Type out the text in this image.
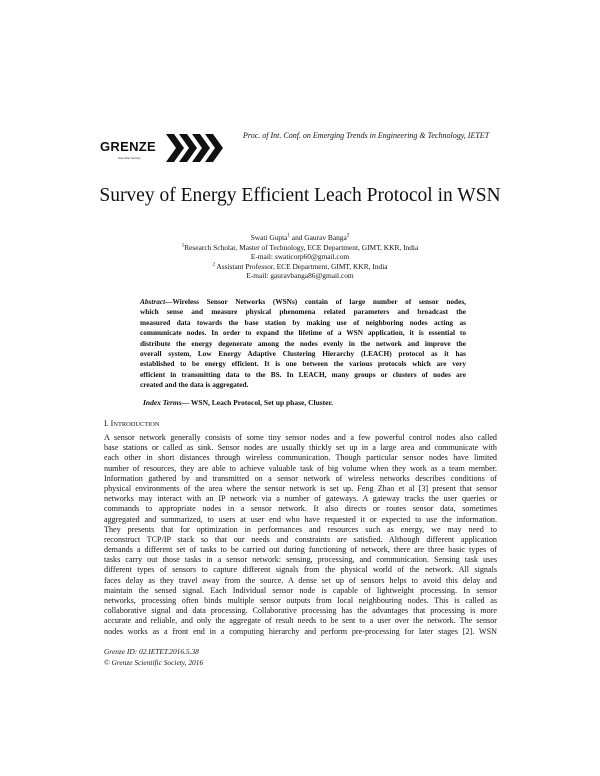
GRENZE
Scientific Society
Proc. of Int. Conf. on Emerging Trends in Engineering & Technology, IETET
Survey of Energy Efficient Leach Protocol in WSN
Swati Gupta$^1$ and Gaurav Banga$^2$
$^1$Research Scholar, Master of Technology, ECE Department, GIMT, KKR, India
E-mail: swaticorp60@gmail.com
$^2$ Assistant Professor, ECE Department, GIMT, KKR, India
E-mail: gauravbanga86@gmail.com
Abstract—Wireless Sensor Networks (WSNs) contain of large number of sensor nodes,
which sense and measure physical phenomena related parameters and broadcast the
measured data towards the base station by making use of neighboring nodes acting as
communicate nodes. In order to expand the lifetime of a WSN application, it is essential to
distribute the energy degenerate among the nodes evenly in the network and improve the
overall system, Low Energy Adaptive Clustering Hierarchy (LEACH) protocol as it has
established to be energy efficient. It is one between the various protocols which are very
efficient in transmitting data to the BS. In LEACH, many groups or clusters of nodes are
created and the data is aggregated.
Index Terms— WSN, Leach Protocol, Set up phase, Cluster.
I. INTRODUCTION
A sensor network generally consists of some tiny sensor nodes and a few powerful control nodes also called
base stations or called as sink. Sensor nodes are usually thickly set up in a large area and communicate with
each other in short distances through wireless communication. Though particular sensor nodes have limited
number of resources, they are able to achieve valuable task of big volume when they work as a team member.
Information gathered by and transmitted on a sensor network of wireless networks describes conditions of
physical environments of the area where the sensor network is set up. Feng Zhao et al [3] present that sensor
networks may interact with an IP network via a number of gateways. A gateway tracks the user queries or
commands to appropriate nodes in a sensor network. It also directs or routes sensor data, sometimes
aggregated and summarized, to users at user end who have requested it or expected to use the information.
They presents that for optimization in performances and resources such as energy, we may need to
reconstruct TCP/IP stack so that our needs and constraints are satisfied. Although different application
demands a different set of tasks to be carried out during functioning of network, there are three basic types of
tasks carry out those tasks in a sensor network: sensing, processing, and communication. Sensing task uses
different types of sensors to capture different signals from the physical world of the network. All signals
faces delay as they travel away from the source. A dense set up of sensors helps to avoid this delay and
maintain the sensed signal. Each Individual sensor node is capable of lightweight processing. In sensor
networks, processing often binds multiple sensor outputs from local neighbouring nodes. This is called as
collaborative signal and data processing. Collaborative processing has the advantages that processing is more
accurate and reliable, and only the aggregate of result needs to be sent to a user over the network. The sensor
nodes works as a front end in a computing hierarchy and perform pre-processing for later stages [2]. WSN
Grenze ID: 02.IETET.2016.5.38
© Grenze Scientific Society, 2016
